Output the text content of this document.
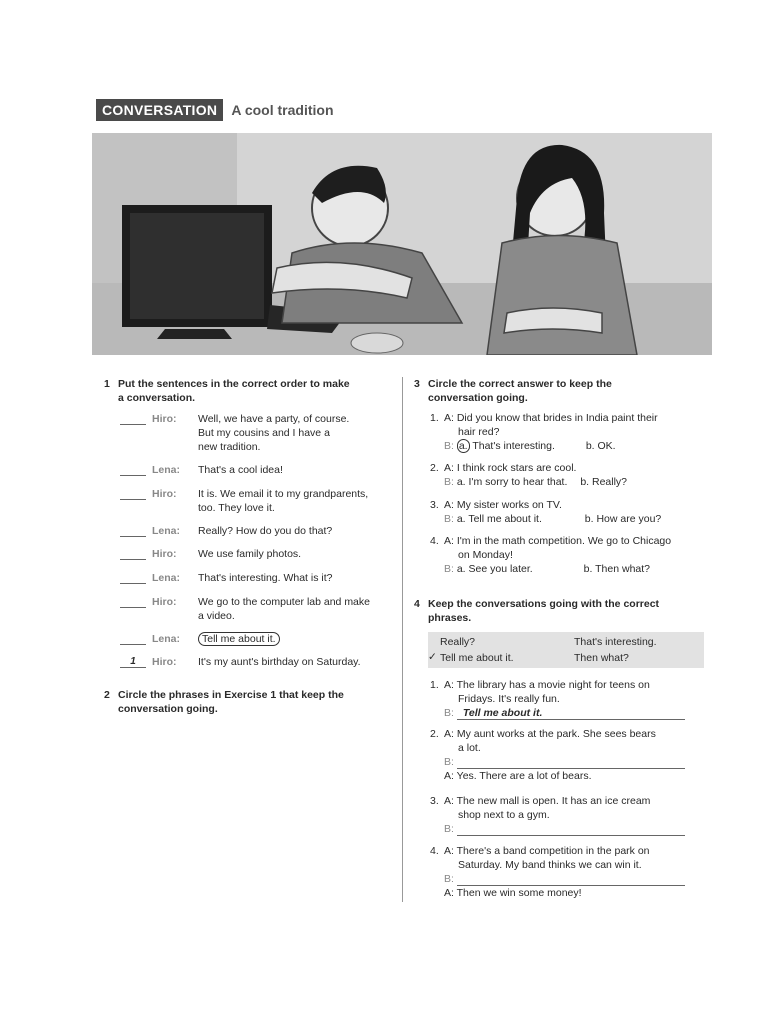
CONVERSATION	A cool tradition
1 Put the sentences in the correct order to make
a conversation.
Hiro:	Well, we have a party, of course.
But my cousins and I have a
new tradition.
Lena:	That's a cool idea!
Hiro:	It is. We email it to my grandparents,
too. They love it.
Lena:	Really? How do you do that?
Hiro:	We use family photos.
Lena:	That's interesting. What is it?
Hiro:	We go to the computer lab and make
a video.
Lena:	Tell me about it.
1	Hiro:	It's my aunt's birthday on Saturday.
2 Circle the phrases in Exercise 1 that keep the
conversation going.
3 Circle the correct answer to keep the
conversation going.
1. A: Did you know that brides in India paint their
hair red?
B: a. That's interesting.	b. OK.
2. A: I think rock stars are cool.
B: a. I'm sorry to hear that. b. Really?
3. A: My sister works on TV.
B: a. Tell me about it.	b. How are you?
4. A: I'm in the math competition. We go to Chicago
on Monday!
B: a. See you later.	b. Then what?
4 Keep the conversations going with the correct
phrases.
Really?	That's interesting.
✓ Tell me about it.	Then what?
1. A: The library has a movie night for teens on
Fridays. It's really fun.
B: Tell me about it.
2. A: My aunt works at the park. She sees bears
a lot.
B:
A: Yes. There are a lot of bears.
3. A: The new mall is open. It has an ice cream
shop next to a gym.
B:
4. A: There's a band competition in the park on
Saturday. My band thinks we can win it.
B:
A: Then we win some money!
